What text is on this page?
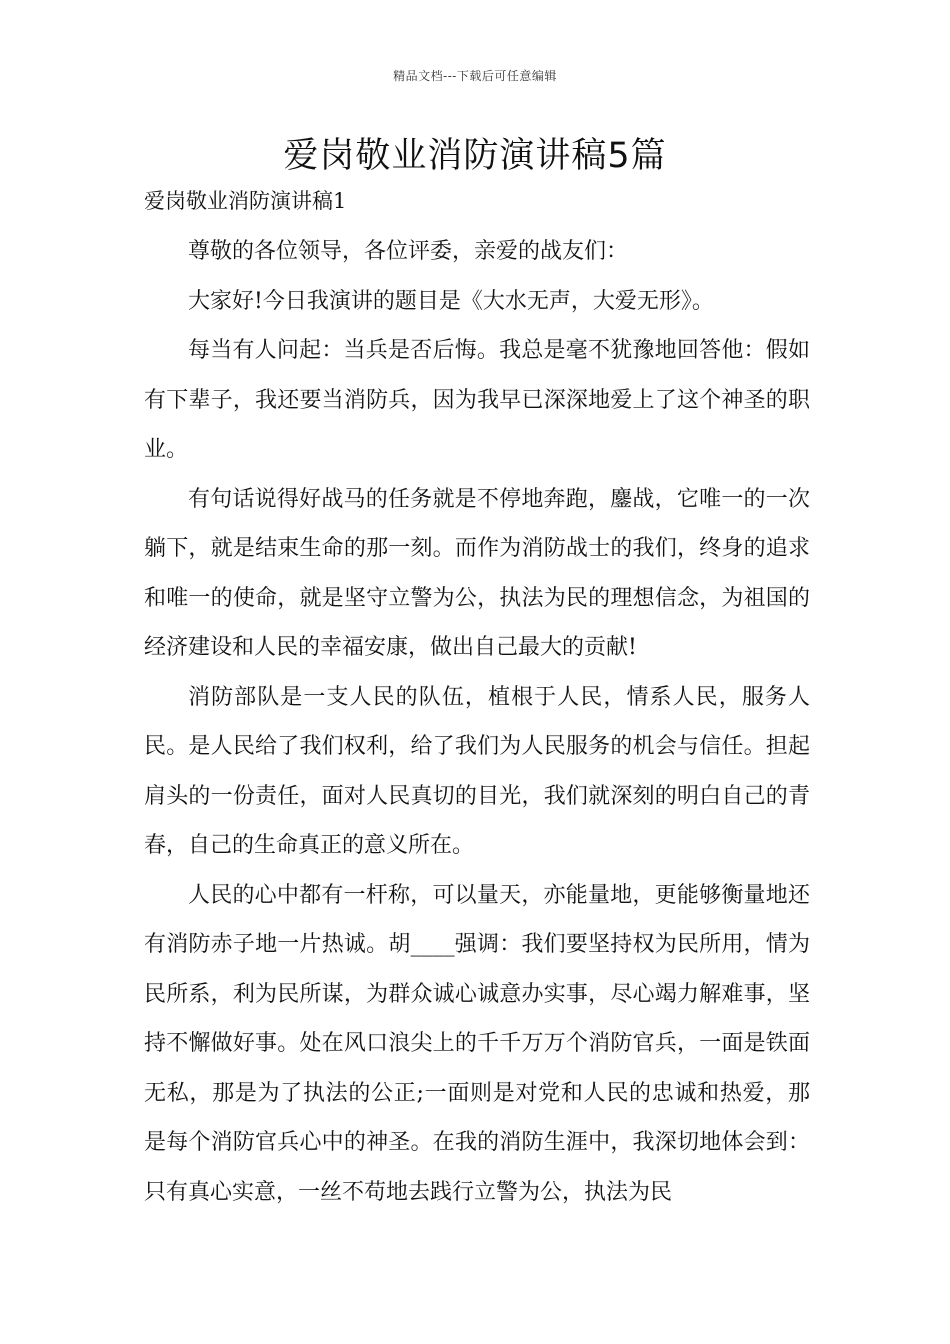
精品文档---下载后可任意编辑
爱岗敬业消防演讲稿5篇

爱岗敬业消防演讲稿1

尊敬的各位领导，各位评委，亲爱的战友们：

大家好!今日我演讲的题目是《大水无声，大爱无形》。

每当有人问起：当兵是否后悔。我总是毫不犹豫地回答他：假如有下辈子，我还要当消防兵，因为我早已深深地爱上了这个神圣的职业。

有句话说得好战马的任务就是不停地奔跑，鏖战，它唯一的一次躺下，就是结束生命的那一刻。而作为消防战士的我们，终身的追求和唯一的使命，就是坚守立警为公，执法为民的理想信念，为祖国的经济建设和人民的幸福安康，做出自己最大的贡献!

消防部队是一支人民的队伍，植根于人民，情系人民，服务人民。是人民给了我们权利，给了我们为人民服务的机会与信任。担起肩头的一份责任，面对人民真切的目光，我们就深刻的明白自己的青春，自己的生命真正的意义所在。

人民的心中都有一杆称，可以量天，亦能量地，更能够衡量地还有消防赤子地一片热诚。胡____强调：我们要坚持权为民所用，情为民所系，利为民所谋，为群众诚心诚意办实事，尽心竭力解难事，坚持不懈做好事。处在风口浪尖上的千千万万个消防官兵，一面是铁面无私，那是为了执法的公正;一面则是对党和人民的忠诚和热爱，那是每个消防官兵心中的神圣。在我的消防生涯中，我深切地体会到：只有真心实意，一丝不苟地去践行立警为公，执法为民
